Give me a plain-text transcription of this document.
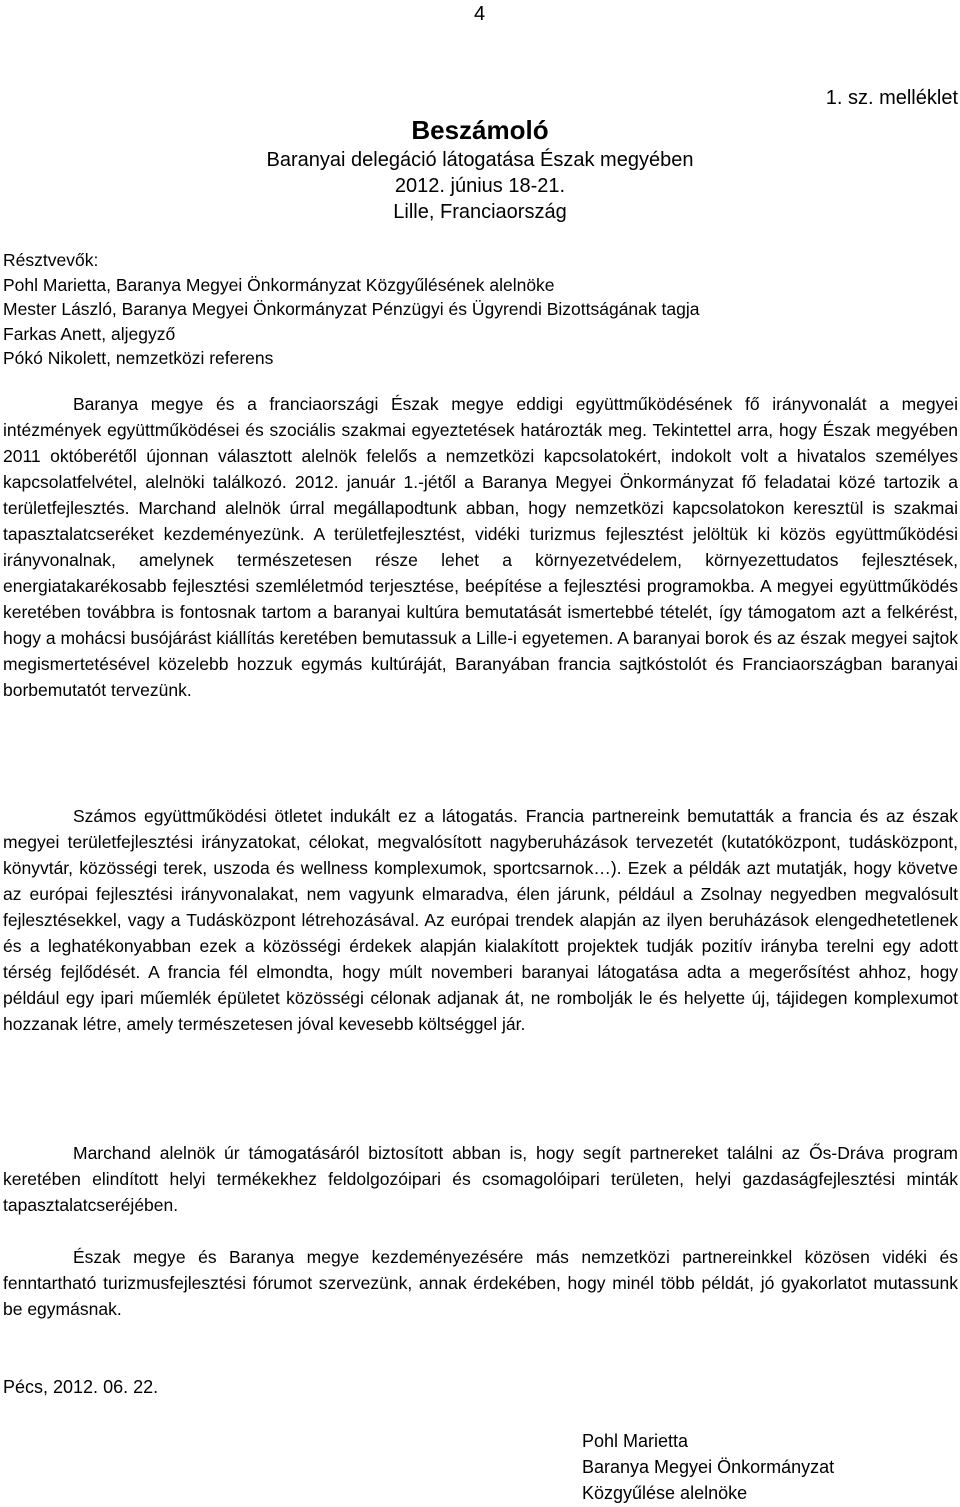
4
1. sz. melléklet
Beszámoló
Baranyai delegáció látogatása Észak megyében
2012. június 18-21.
Lille, Franciaország
Résztvevők:
Pohl Marietta, Baranya Megyei Önkormányzat Közgyűlésének alelnöke
Mester László, Baranya Megyei Önkormányzat Pénzügyi és Ügyrendi Bizottságának tagja
Farkas Anett, aljegyző
Pókó Nikolett, nemzetközi referens

Baranya megye és a franciaországi Észak megye eddigi együttműködésének fő irányvonalát a megyei intézmények együttműködései és szociális szakmai egyeztetések határozták meg. Tekintettel arra, hogy Észak megyében 2011 októberétől újonnan választott alelnök felelős a nemzetközi kapcsolatokért, indokolt volt a hivatalos személyes kapcsolatfelvétel, alelnöki találkozó. 2012. január 1.-jétől a Baranya Megyei Önkormányzat fő feladatai közé tartozik a területfejlesztés. Marchand alelnök úrral megállapodtunk abban, hogy nemzetközi kapcsolatokon keresztül is szakmai tapasztalatcseréket kezdeményezünk. A területfejlesztést, vidéki turizmus fejlesztést jelöltük ki közös együttműködési irányvonalnak, amelynek természetesen része lehet a környezetvédelem, környezettudatos fejlesztések, energiatakarékosabb fejlesztési szemléletmód terjesztése, beépítése a fejlesztési programokba. A megyei együttműködés keretében továbbra is fontosnak tartom a baranyai kultúra bemutatását ismertebbé tételét, így támogatom azt a felkérést, hogy a mohácsi busójárást kiállítás keretében bemutassuk a Lille-i egyetemen. A baranyai borok és az észak megyei sajtok megismertetésével közelebb hozzuk egymás kultúráját, Baranyában francia sajtkóstolót és Franciaországban baranyai borbemutatót tervezünk.

Számos együttműködési ötletet indukált ez a látogatás. Francia partnereink bemutatták a francia és az észak megyei területfejlesztési irányzatokat, célokat, megvalósított nagyberuházások tervezetét (kutatóközpont, tudásközpont, könyvtár, közösségi terek, uszoda és wellness komplexumok, sportcsarnok…). Ezek a példák azt mutatják, hogy követve az európai fejlesztési irányvonalakat, nem vagyunk elmaradva, élen járunk, például a Zsolnay negyedben megvalósult fejlesztésekkel, vagy a Tudásközpont létrehozásával. Az európai trendek alapján az ilyen beruházások elengedhetetlenek és a leghatékonyabban ezek a közösségi érdekek alapján kialakított projektek tudják pozitív irányba terelni egy adott térség fejlődését. A francia fél elmondta, hogy múlt novemberi baranyai látogatása adta a megerősítést ahhoz, hogy például egy ipari műemlék épületet közösségi célonak adjanak át, ne rombolják le és helyette új, tájidegen komplexumot hozzanak létre, amely természetesen jóval kevesebb költséggel jár.

Marchand alelnök úr támogatásáról biztosított abban is, hogy segít partnereket találni az Ős-Dráva program keretében elindított helyi termékekhez feldolgozóipari és csomagolóipari területen, helyi gazdaságfejlesztési minták tapasztalatcseréjében.

Észak megye és Baranya megye kezdeményezésére más nemzetközi partnereinkkel közösen vidéki és fenntartható turizmusfejlesztési fórumot szervezünk, annak érdekében, hogy minél több példát, jó gyakorlatot mutassunk be egymásnak.

Pécs, 2012. 06. 22.
Pohl Marietta
Baranya Megyei Önkormányzat
Közgyűlése alelnöke
